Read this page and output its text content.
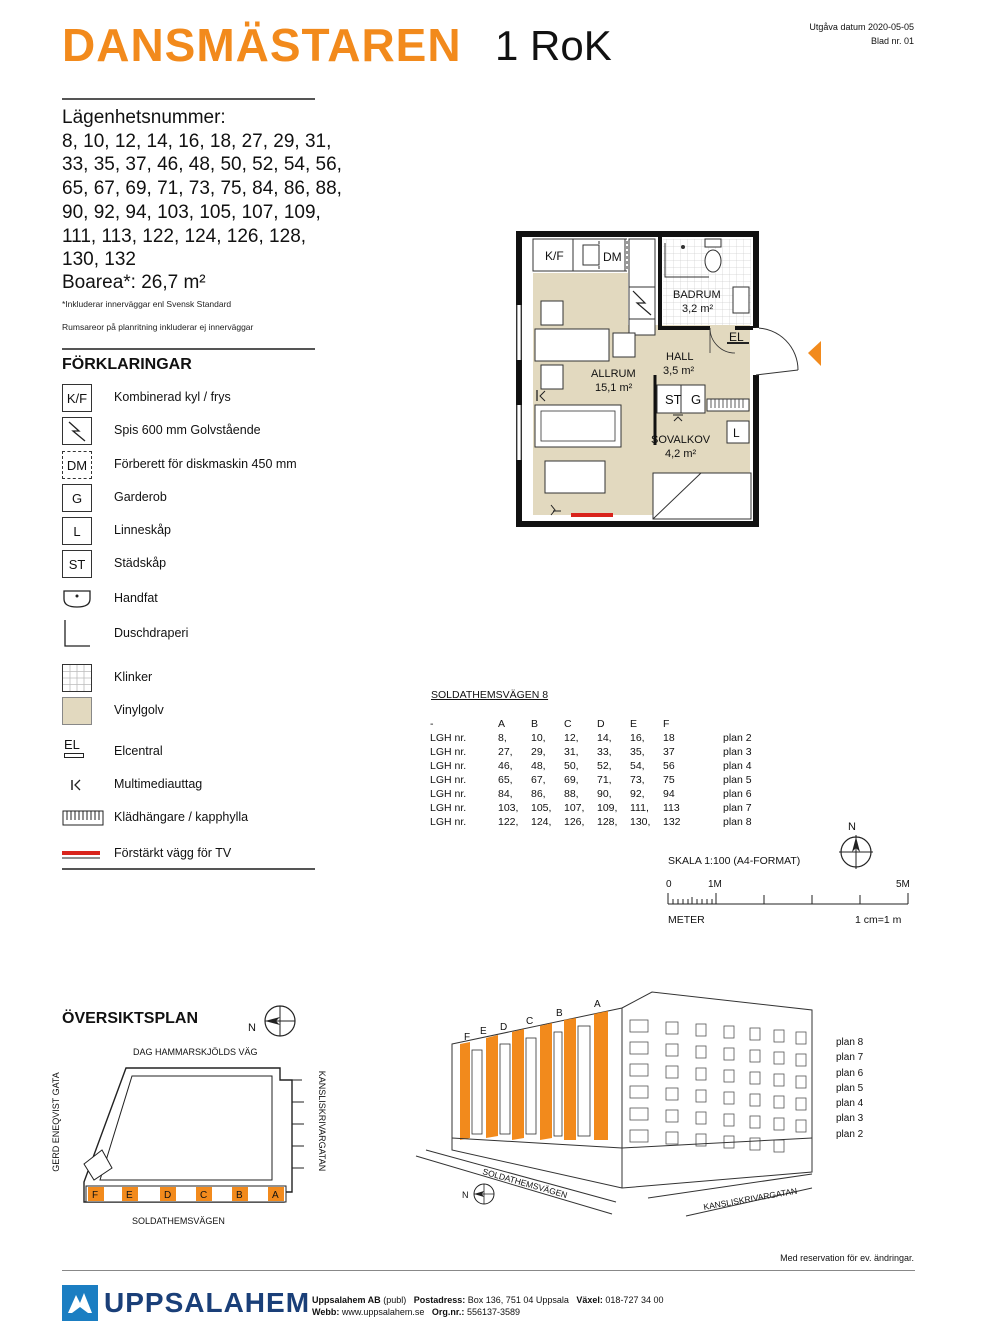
DANSMÄSTAREN 1 RoK	Utgåva datum 2020-05-05
Blad nr. 01
Lägenhetsnummer:
8, 10, 12, 14, 16, 18, 27, 29, 31,
33, 35, 37, 46, 48, 50, 52, 54, 56,
65, 67, 69, 71, 73, 75, 84, 86, 88,
90, 92, 94, 103, 105, 107, 109,
111, 113, 122, 124, 126, 128,
130, 132
Boarea*: 26,7 m²
*Inkluderar innerväggar enl Svensk Standard
Rumsareor på planritning inkluderar ej innerväggar
FÖRKLARINGAR
K/F	Kombinerad kyl / frys
Spis 600 mm Golvstående
DM	Förberett för diskmaskin 450 mm
G	Garderob
L	Linneskåp
ST	Städskåp
Handfat
Duschdraperi
Klinker
Vinylgolv
EL	Elcentral
Multimediauttag
Klädhängare / kapphylla
Förstärkt vägg för TV
K/F	DM
BADRUM
3,2 m²
EL
HALL
3,5 m²
ALLRUM
15,1 m²
ST G
L
SOVALKOV
4,2 m²
SOLDATHEMSVÄGEN 8
-	A	B	C	D	E	F	
LGH nr.	8,	10,	12,	14,	16,	18	plan 2
LGH nr.	27,	29,	31,	33,	35,	37	plan 3
LGH nr.	46,	48,	50,	52,	54,	56	plan 4
LGH nr.	65,	67,	69,	71,	73,	75	plan 5
LGH nr.	84,	86,	88,	90,	92,	94	plan 6
LGH nr.	103,	105,	107,	109,	111,	113	plan 7
LGH nr.	122,	124,	126,	128,	130,	132	plan 8	N
SKALA 1:100 (A4-FORMAT)
0	1M	5M
METER	1 cm=1 m
ÖVERSIKTSPLAN
N
DAG HAMMARSKJÖLDS VÄG
GERD ENEQVIST GATA	KANSLISKRIVARGATAN
SOLDATHEMSVÄGEN
F	E	D	C	B	A
F
E D
C
B
A
SOLDATHEMSVÄGEN	KANSLISKRIVARGATAN
N
plan 8
plan 7
plan 6
plan 5
plan 4
plan 3
plan 2
Med reservation för ev. ändringar.
UPPSALAHEM Uppsalahem AB (publ) Postadress: Box 136, 751 04 Uppsala Växel: 018-727 34 00
Webb: www.uppsalahem.se Org.nr.: 556137-3589
